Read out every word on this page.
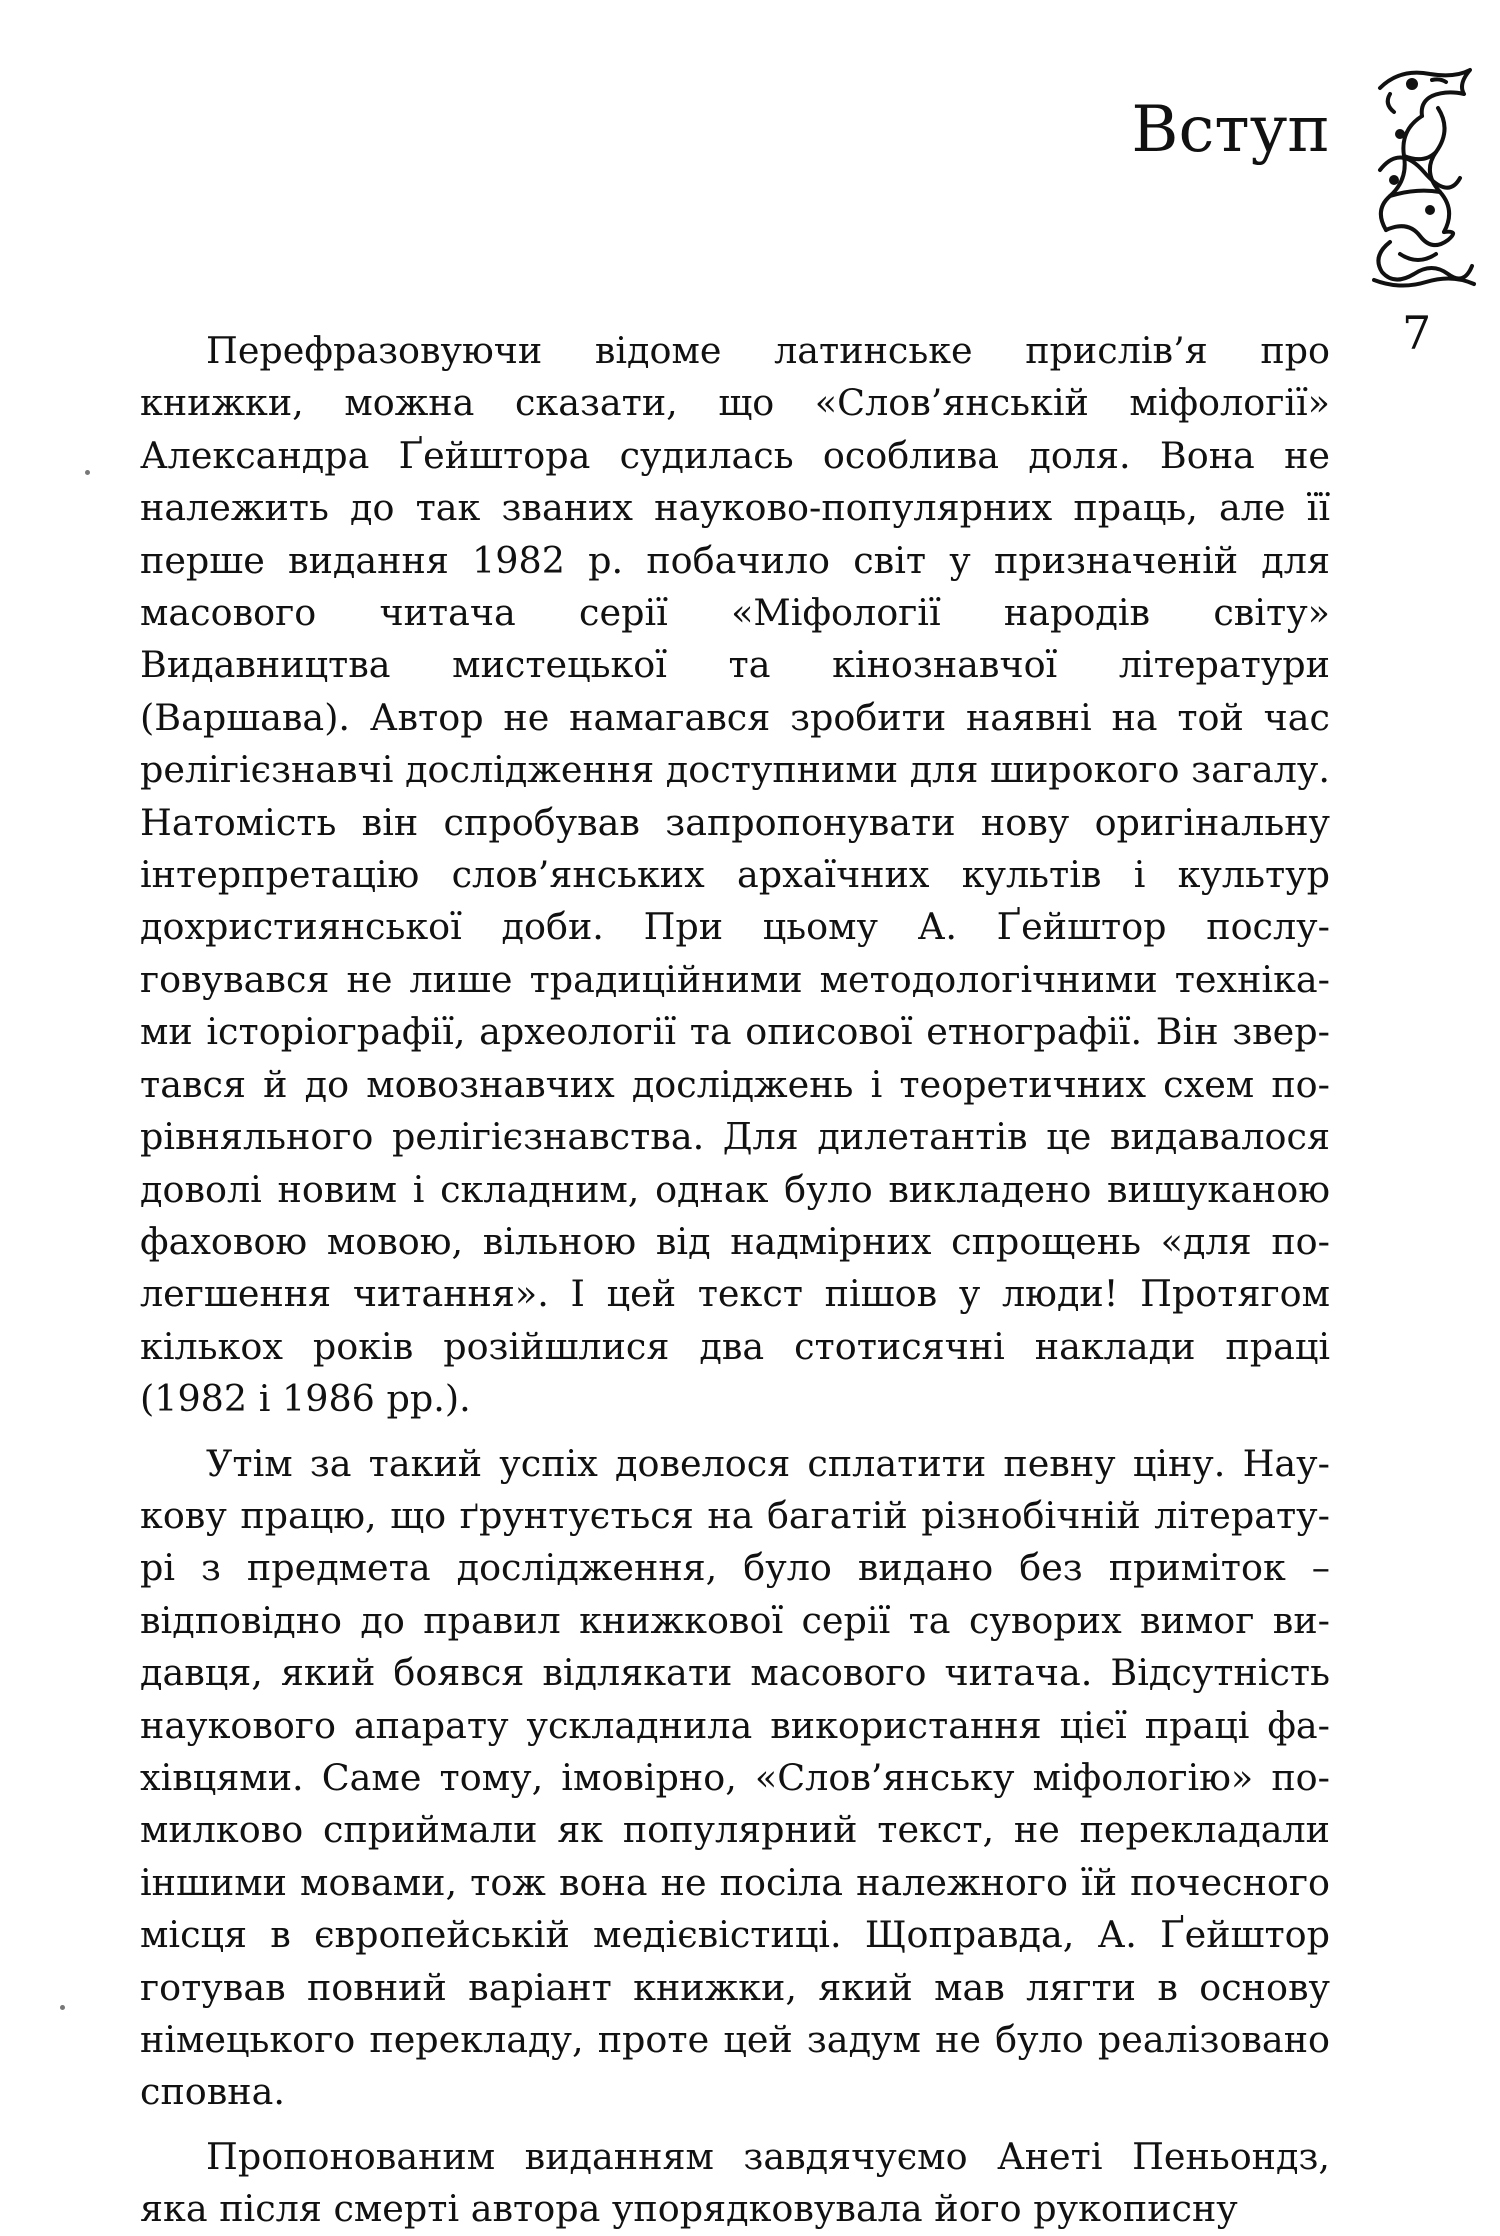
Вступ
7

Перефразовуючи відоме латинське прислів’я про книжки, можна сказати, що «Слов’янській міфології» Александра Ґейштора судилась особлива доля. Вона не належить до так званих науково-популярних праць, але її перше видання 1982 р. побачило світ у призначеній для масового читача серії «Міфології народів світу» Видавництва мистецької та кінознавчої літератури (Варшава). Автор не намагався зробити наявні на той час релігієзнавчі дослідження доступними для широкого загалу. Натомість він спробував запропонувати нову оригінальну інтерпретацію слов’янських архаїчних культів і культур дохристиянської доби. При цьому А. Ґейштор послуговувався не лише традиційними методологічними техніками історіографії, археології та описової етнографії. Він звертався й до мовознавчих досліджень і теоретичних схем порівняльного релігієзнавства. Для дилетантів це видавалося доволі новим і складним, однак було викладено вишуканою фаховою мовою, вільною від надмірних спрощень «для полегшення читання». І цей текст пішов у люди! Протягом кількох років розійшлися два стотисячні наклади праці (1982 і 1986 рр.).

Утім за такий успіх довелося сплатити певну ціну. Наукову працю, що ґрунтується на багатій різнобічній літературі з предмета дослідження, було видано без приміток – відповідно до правил книжкової серії та суворих вимог видавця, який боявся відлякати масового читача. Відсутність наукового апарату ускладнила використання цієї праці фахівцями. Саме тому, імовірно, «Слов’янську міфологію» помилково сприймали як популярний текст, не перекладали іншими мовами, тож вона не посіла належного їй почесного місця в європейській медієвістиці. Щоправда, А. Ґейштор готував повний варіант книжки, який мав лягти в основу німецького перекладу, проте цей задум не було реалізовано сповна.

Пропонованим виданням завдячуємо Анеті Пеньондз, яка після смерті автора упорядковувала його рукописну
